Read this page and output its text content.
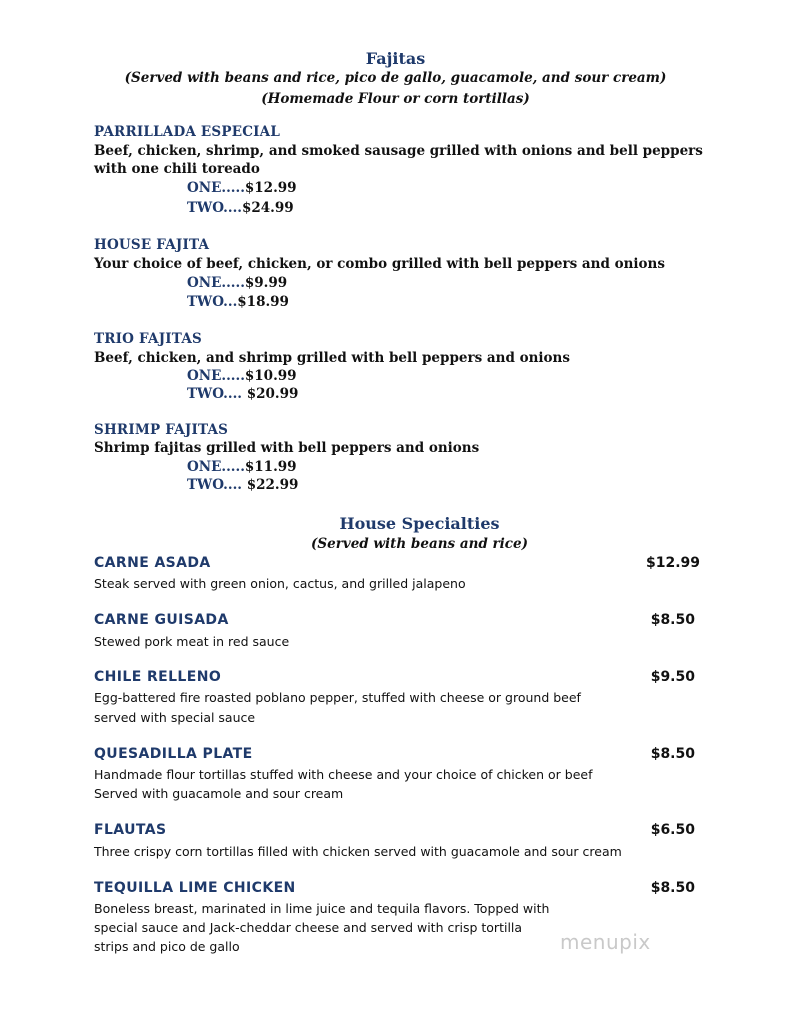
Fajitas
(Served with beans and rice, pico de gallo, guacamole, and sour cream)
(Homemade Flour or corn tortillas)
PARRILLADA ESPECIAL
Beef, chicken, shrimp, and smoked sausage grilled with onions and bell peppers
with one chili toreado
ONE.....$12.99
TWO....$24.99
HOUSE FAJITA
Your choice of beef, chicken, or combo grilled with bell peppers and onions
ONE.....$9.99
TWO...$18.99
TRIO FAJITAS
Beef, chicken, and shrimp grilled with bell peppers and onions
ONE.....$10.99
TWO.... $20.99
SHRIMP FAJITAS
Shrimp fajitas grilled with bell peppers and onions
ONE.....$11.99
TWO.... $22.99
House Specialties
(Served with beans and rice)
CARNE ASADA	$12.99
Steak served with green onion, cactus, and grilled jalapeno
CARNE GUISADA	$8.50
Stewed pork meat in red sauce
CHILE RELLENO	$9.50
Egg-battered fire roasted poblano pepper, stuffed with cheese or ground beef
served with special sauce
QUESADILLA PLATE	$8.50
Handmade flour tortillas stuffed with cheese and your choice of chicken or beef
Served with guacamole and sour cream
FLAUTAS	$6.50
Three crispy corn tortillas filled with chicken served with guacamole and sour cream
TEQUILLA LIME CHICKEN	$8.50
Boneless breast, marinated in lime juice and tequila flavors. Topped with
special sauce and Jack-cheddar cheese and served with crisp tortilla
strips and pico de gallo	menupix
